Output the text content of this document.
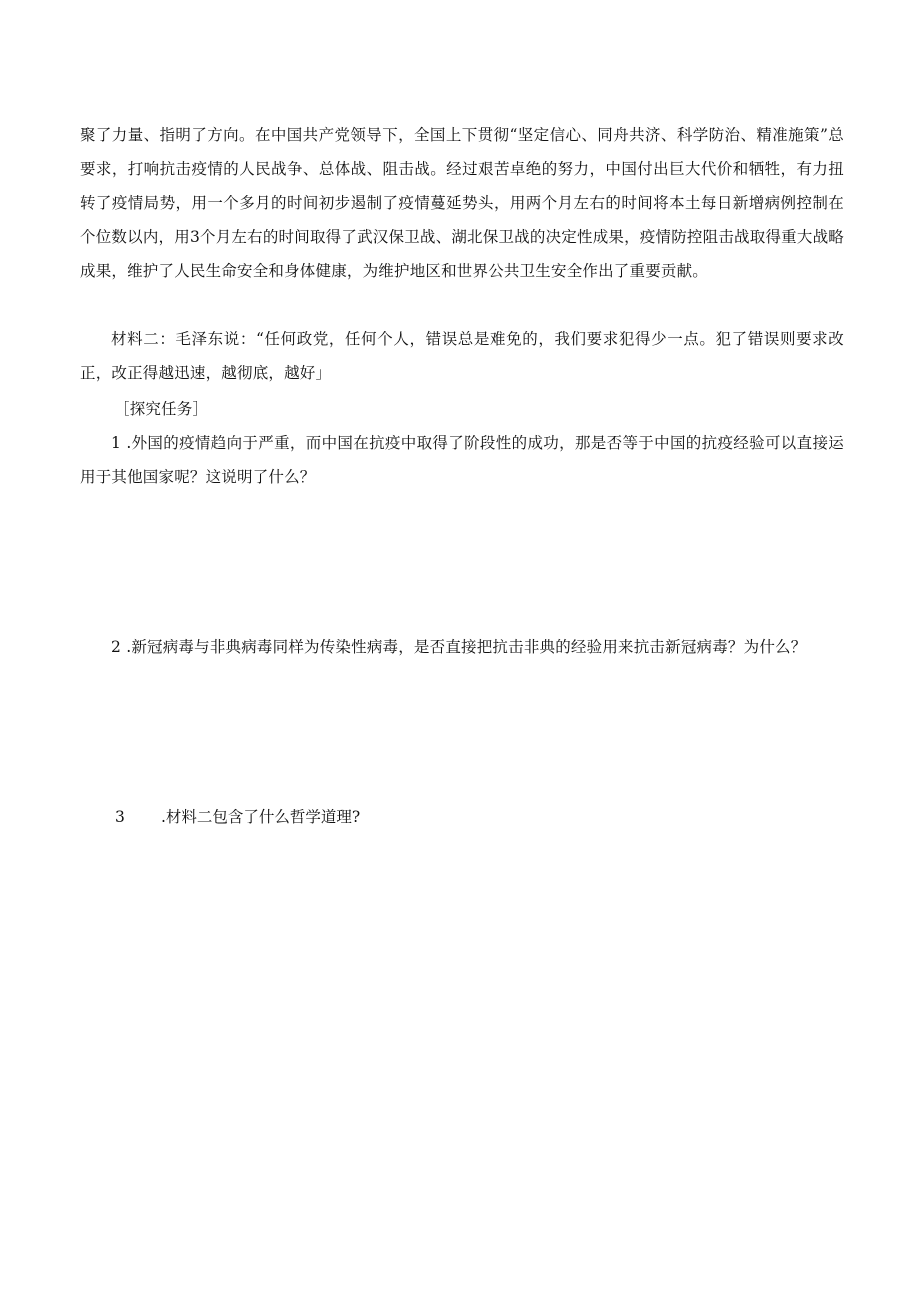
聚了力量、指明了方向。在中国共产党领导下，全国上下贯彻“坚定信心、同舟共济、科学防治、精准施策”总要求，打响抗击疫情的人民战争、总体战、阻击战。经过艰苦卓绝的努力，中国付出巨大代价和牺牲，有力扭转了疫情局势，用一个多月的时间初步遏制了疫情蔓延势头，用两个月左右的时间将本土每日新增病例控制在个位数以内，用3个月左右的时间取得了武汉保卫战、湖北保卫战的决定性成果，疫情防控阻击战取得重大战略成果，维护了人民生命安全和身体健康，为维护地区和世界公共卫生安全作出了重要贡献。

材料二：毛泽东说：“任何政党，任何个人，错误总是难免的，我们要求犯得少一点。犯了错误则要求改正，改正得越迅速，越彻底，越好」

［探究任务］

1 .外国的疫情趋向于严重，而中国在抗疫中取得了阶段性的成功，那是否等于中国的抗疫经验可以直接运用于其他国家呢？这说明了什么？

2 .新冠病毒与非典病毒同样为传染性病毒，是否直接把抗击非典的经验用来抗击新冠病毒？为什么？

3 .材料二包含了什么哲学道理?
